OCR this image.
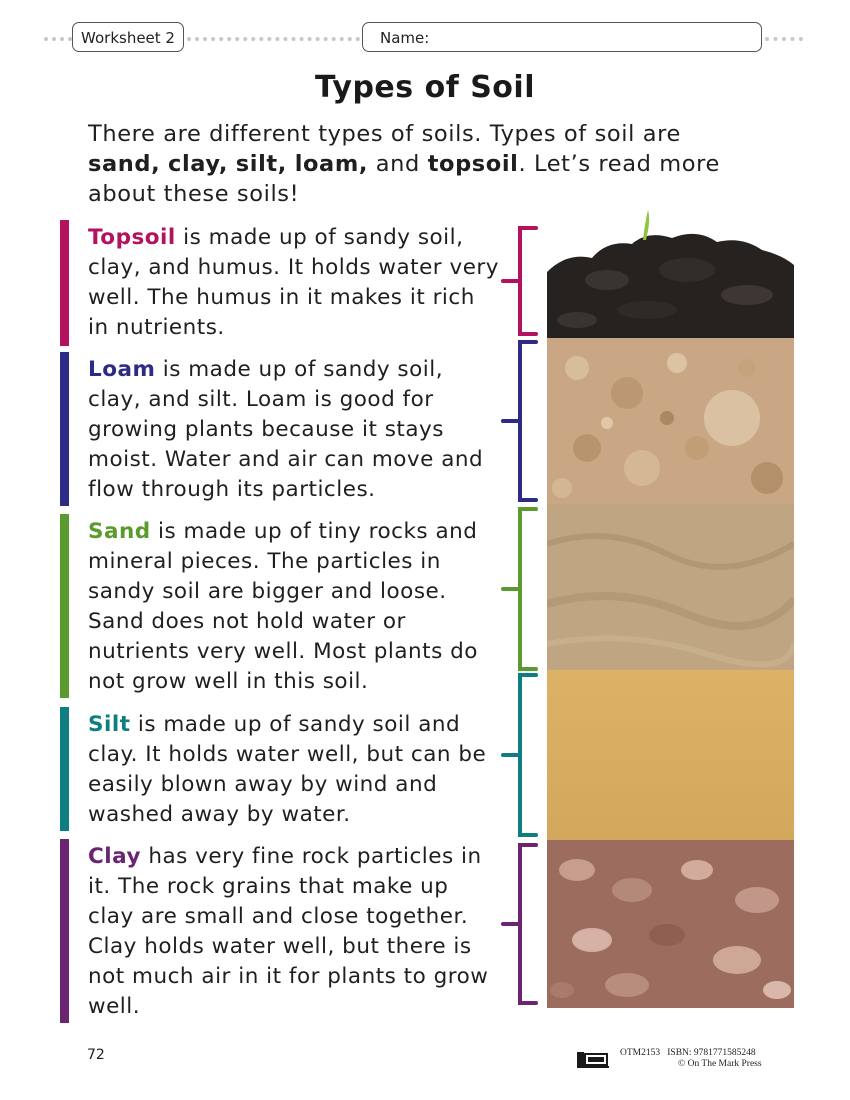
Worksheet 2	Name:
Types of Soil
There are different types of soils. Types of soil are sand, clay, silt, loam, and topsoil. Let’s read more about these soils!

Topsoil is made up of sandy soil, clay, and humus. It holds water very well. The humus in it makes it rich in nutrients.

Loam is made up of sandy soil, clay, and silt. Loam is good for growing plants because it stays moist. Water and air can move and flow through its particles.

Sand is made up of tiny rocks and mineral pieces. The particles in sandy soil are bigger and loose. Sand does not hold water or nutrients very well. Most plants do not grow well in this soil.

Silt is made up of sandy soil and clay. It holds water well, but can be easily blown away by wind and washed away by water.

Clay has very fine rock particles in it. The rock grains that make up clay are small and close together. Clay holds water well, but there is not much air in it for plants to grow well.

72	OTM2153 ISBN: 9781771585248
© On The Mark Press
